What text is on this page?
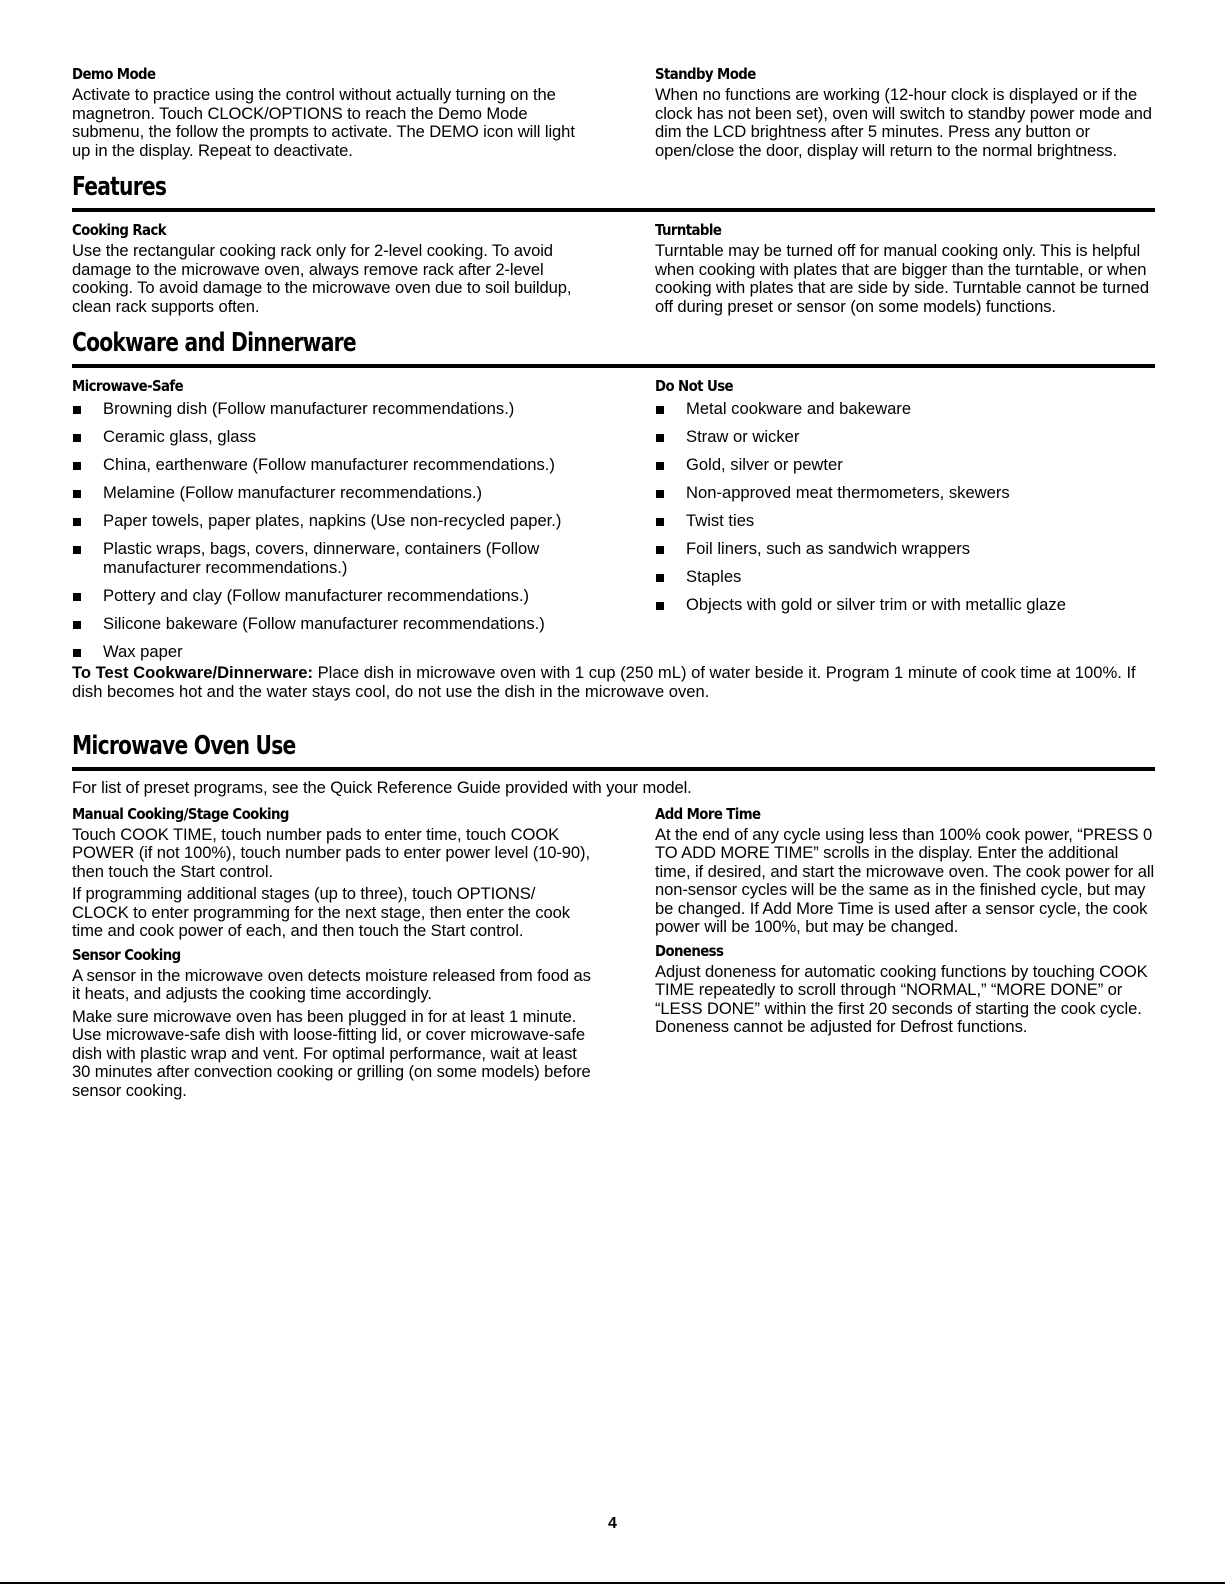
Demo Mode

Activate to practice using the control without actually turning on the magnetron. Touch CLOCK/OPTIONS to reach the Demo Mode submenu, the follow the prompts to activate. The DEMO icon will light up in the display. Repeat to deactivate.

Standby Mode

When no functions are working (12-hour clock is displayed or if the clock has not been set), oven will switch to standby power mode and dim the LCD brightness after 5 minutes. Press any button or open/close the door, display will return to the normal brightness.

Features
Cooking Rack

Use the rectangular cooking rack only for 2-level cooking. To avoid damage to the microwave oven, always remove rack after 2-level cooking. To avoid damage to the microwave oven due to soil buildup, clean rack supports often.

Turntable

Turntable may be turned off for manual cooking only. This is helpful when cooking with plates that are bigger than the turntable, or when cooking with plates that are side by side. Turntable cannot be turned off during preset or sensor (on some models) functions.

Cookware and Dinnerware
Microwave-Safe
Browning dish (Follow manufacturer recommendations.)
Ceramic glass, glass
China, earthenware (Follow manufacturer recommendations.)
Melamine (Follow manufacturer recommendations.)
Paper towels, paper plates, napkins (Use non-recycled paper.)
Plastic wraps, bags, covers, dinnerware, containers (Follow manufacturer recommendations.)
Pottery and clay (Follow manufacturer recommendations.)
Silicone bakeware (Follow manufacturer recommendations.)
Wax paper
Do Not Use
Metal cookware and bakeware
Straw or wicker
Gold, silver or pewter
Non-approved meat thermometers, skewers
Twist ties
Foil liners, such as sandwich wrappers
Staples
Objects with gold or silver trim or with metallic glaze

To Test Cookware/Dinnerware: Place dish in microwave oven with 1 cup (250 mL) of water beside it. Program 1 minute of cook time at 100%. If dish becomes hot and the water stays cool, do not use the dish in the microwave oven.

Microwave Oven Use

For list of preset programs, see the Quick Reference Guide provided with your model.

Manual Cooking/Stage Cooking

Touch COOK TIME, touch number pads to enter time, touch COOK POWER (if not 100%), touch number pads to enter power level (10-90), then touch the Start control.

If programming additional stages (up to three), touch OPTIONS/ CLOCK to enter programming for the next stage, then enter the cook time and cook power of each, and then touch the Start control.

Sensor Cooking

A sensor in the microwave oven detects moisture released from food as it heats, and adjusts the cooking time accordingly.

Make sure microwave oven has been plugged in for at least 1 minute. Use microwave-safe dish with loose-fitting lid, or cover microwave-safe dish with plastic wrap and vent. For optimal performance, wait at least 30 minutes after convection cooking or grilling (on some models) before sensor cooking.

Add More Time

At the end of any cycle using less than 100% cook power, “PRESS 0 TO ADD MORE TIME” scrolls in the display. Enter the additional time, if desired, and start the microwave oven. The cook power for all non-sensor cycles will be the same as in the finished cycle, but may be changed. If Add More Time is used after a sensor cycle, the cook power will be 100%, but may be changed.

Doneness

Adjust doneness for automatic cooking functions by touching COOK TIME repeatedly to scroll through “NORMAL,” “MORE DONE” or “LESS DONE” within the first 20 seconds of starting the cook cycle. Doneness cannot be adjusted for Defrost functions.

4
